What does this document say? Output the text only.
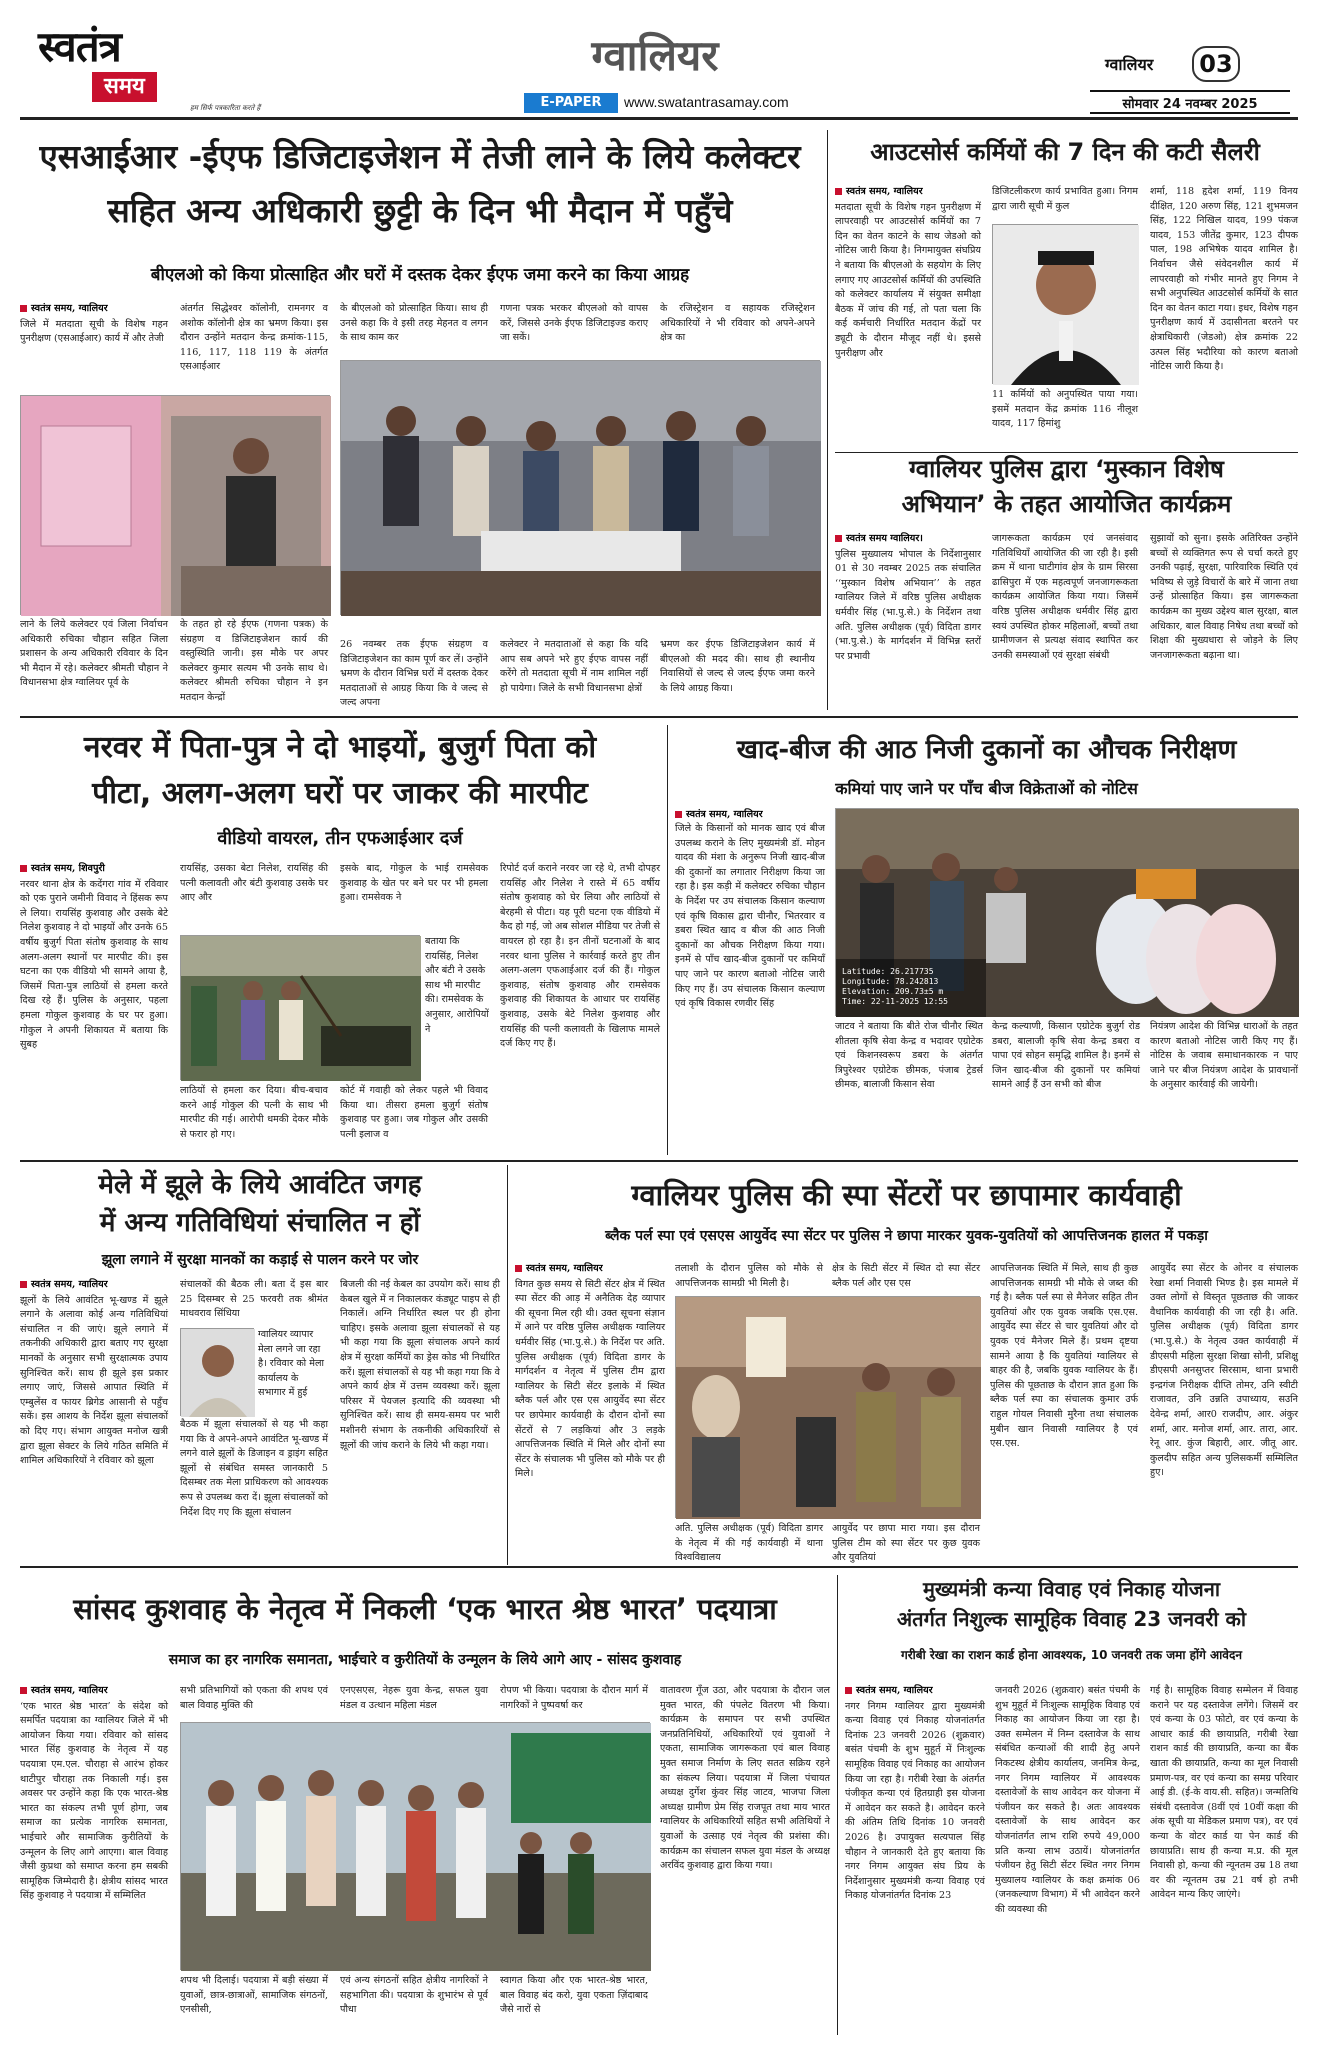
स्वतंत्र
समय
हम सिर्फ पत्रकारिता करते हैं
ग्वालियर
E-PAPER	www.swatantrasamay.com
ग्वालियर	03
सोमवार 24 नवम्बर 2025
एसआईआर -ईएफ डिजिटाइजेशन में तेजी लाने के लिये कलेक्टर
सहित अन्य अधिकारी छुट्टी के दिन भी मैदान में पहुँचे
बीएलओ को किया प्रोत्साहित और घरों में दस्तक देकर ईएफ जमा करने का किया आग्रह
स्वतंत्र समय, ग्वालियर
जिले में मतदाता सूची के विशेष गहन पुनरीक्षण (एसआईआर) कार्य में और तेजी
अंतर्गत सिद्धेश्वर कॉलोनी, रामनगर व अशोक कॉलोनी क्षेत्र का भ्रमण किया। इस दौरान उन्होंने मतदान केन्द्र क्रमांक-115, 116, 117, 118 119 के अंतर्गत एसआईआर
के बीएलओ को प्रोत्साहित किया। साथ ही उनसे कहा कि वे इसी तरह मेहनत व लगन के साथ काम कर
गणना पत्रक भरकर बीएलओ को वापस करें, जिससे उनके ईएफ डिजिटाइज्ड कराए जा सकें।
के रजिस्ट्रेशन व सहायक रजिस्ट्रेशन अधिकारियों ने भी रविवार को अपने-अपने क्षेत्र का
लाने के लिये कलेक्टर एवं जिला निर्वाचन अधिकारी रुचिका चौहान सहित जिला प्रशासन के अन्य अधिकारी रविवार के दिन भी मैदान में रहे। कलेक्टर श्रीमती चौहान ने विधानसभा क्षेत्र ग्वालियर पूर्व के
के तहत हो रहे ईएफ (गणना पत्रक) के संग्रहण व डिजिटाइजेशन कार्य की वस्तुस्थिति जानी। इस मौके पर अपर कलेक्टर कुमार सत्यम भी उनके साथ थे। कलेक्टर श्रीमती रुचिका चौहान ने इन मतदान केन्द्रों
26 नवम्बर तक ईएफ संग्रहण व डिजिटाइजेशन का काम पूर्ण कर लें। उन्होंने भ्रमण के दौरान विभिन्न घरों में दस्तक देकर मतदाताओं से आग्रह किया कि वे जल्द से जल्द अपना
कलेक्टर ने मतदाताओं से कहा कि यदि आप सब अपने भरे हुए ईएफ वापस नहीं करेंगे तो मतदाता सूची में नाम शामिल नहीं हो पायेगा। जिले के सभी विधानसभा क्षेत्रों
भ्रमण कर ईएफ डिजिटाइजेशन कार्य में बीएलओ की मदद की। साथ ही स्थानीय निवासियों से जल्द से जल्द ईएफ जमा करने के लिये आग्रह किया।
आउटसोर्स कर्मियों की 7 दिन की कटी सैलरी
स्वतंत्र समय, ग्वालियर
मतदाता सूची के विशेष गहन पुनरीक्षण में लापरवाही पर आउटसोर्स कर्मियों का 7 दिन का वेतन काटने के साथ जेडओ को नोटिस जारी किया है। निगमायुक्त संघप्रिय ने बताया कि बीएलओ के सहयोग के लिए लगाए गए आउटसोर्स कर्मियों की उपस्थिति को कलेक्टर कार्यालय में संयुक्त समीक्षा बैठक में जांच की गई, तो पता चला कि कई कर्मचारी निर्धारित मतदान केंद्रों पर ड्यूटी के दौरान मौजूद नहीं थे। इससे पुनरीक्षण और
डिजिटलीकरण कार्य प्रभावित हुआ। निगम द्वारा जारी सूची में कुल
11 कर्मियों को अनुपस्थित पाया गया। इसमें मतदान केंद्र क्रमांक 116 नीलूश यादव, 117 हिमांशु
शर्मा, 118 हृदेश शर्मा, 119 विनय दीक्षित, 120 अरुण सिंह, 121 शुभमजन सिंह, 122 निखिल यादव, 199 पंकज यादव, 153 जीतेंद्र कुमार, 123 दीपक पाल, 198 अभिषेक यादव शामिल है। निर्वाचन जैसे संवेदनशील कार्य में लापरवाही को गंभीर मानते हुए निगम ने सभी अनुपस्थित आउटसोर्स कर्मियों के सात दिन का वेतन काटा गया। इधर, विशेष गहन पुनरीक्षण कार्य में उदासीनता बरतने पर क्षेत्राधिकारी (जेडओ) क्षेत्र क्रमांक 22 उत्पल सिंह भदौरिया को कारण बताओ नोटिस जारी किया है।
ग्वालियर पुलिस द्वारा ‘मुस्कान विशेष
अभियान’ के तहत आयोजित कार्यक्रम
स्वतंत्र समय ग्वालियर।
पुलिस मुख्यालय भोपाल के निर्देशानुसार 01 से 30 नवम्बर 2025 तक संचालित ‘‘मुस्कान विशेष अभियान’’ के तहत ग्वालियर जिले में वरिष्ठ पुलिस अधीक्षक धर्मवीर सिंह (भा.पु.से.) के निर्देशन तथा अति. पुलिस अधीक्षक (पूर्व) विदिता डागर (भा.पु.से.) के मार्गदर्शन में विभिन्न स्तरों पर प्रभावी
जागरूकता कार्यक्रम एवं जनसंवाद गतिविधियाँ आयोजित की जा रही है। इसी क्रम में थाना घाटीगांव क्षेत्र के ग्राम सिरसा ढासिपुरा में एक महत्वपूर्ण जनजागरूकता कार्यक्रम आयोजित किया गया। जिसमें वरिष्ठ पुलिस अधीक्षक धर्मवीर सिंह द्वारा स्वयं उपस्थित होकर महिलाओं, बच्चों तथा ग्रामीणजन से प्रत्यक्ष संवाद स्थापित कर उनकी समस्याओं एवं सुरक्षा संबंधी
सुझावों को सुना। इसके अतिरिक्त उन्होंने बच्चों से व्यक्तिगत रूप से चर्चा करते हुए उनकी पढ़ाई, सुरक्षा, पारिवारिक स्थिति एवं भविष्य से जुड़े विचारों के बारे में जाना तथा उन्हें प्रोत्साहित किया। इस जागरूकता कार्यक्रम का मुख्य उद्देश्य बाल सुरक्षा, बाल अधिकार, बाल विवाह निषेध तथा बच्चों को शिक्षा की मुख्यधारा से जोड़ने के लिए जनजागरूकता बढ़ाना था।
नरवर में पिता-पुत्र ने दो भाइयों, बुजुर्ग पिता को
पीटा, अलग-अलग घरों पर जाकर की मारपीट
वीडियो वायरल, तीन एफआईआर दर्ज
स्वतंत्र समय, शिवपुरी
नरवर थाना क्षेत्र के कदेंगरा गांव में रविवार को एक पुराने जमीनी विवाद ने हिंसक रूप ले लिया। रायसिंह कुशवाह और उसके बेटे निलेश कुशवाह ने दो भाइयों और उनके 65 वर्षीय बुजुर्ग पिता संतोष कुशवाह के साथ अलग-अलग स्थानों पर मारपीट की। इस घटना का एक वीडियो भी सामने आया है, जिसमें पिता-पुत्र लाठियों से हमला करते दिख रहे हैं। पुलिस के अनुसार, पहला हमला गोकुल कुशवाह के घर पर हुआ। गोकुल ने अपनी शिकायत में बताया कि सुबह
रायसिंह, उसका बेटा निलेश, रायसिंह की पत्नी कलावती और बंटी कुशवाह उसके घर आए और
इसके बाद, गोकुल के भाई रामसेवक कुशवाह के खेत पर बने घर पर भी हमला हुआ। रामसेवक ने
बताया कि रायसिंह, निलेश और बंटी ने उसके साथ भी मारपीट की। रामसेवक के अनुसार, आरोपियों ने
लाठियों से हमला कर दिया। बीच-बचाव करने आई गोकुल की पत्नी के साथ भी मारपीट की गई। आरोपी धमकी देकर मौके से फरार हो गए।
कोर्ट में गवाही को लेकर पहले भी विवाद किया था। तीसरा हमला बुजुर्ग संतोष कुशवाह पर हुआ। जब गोकुल और उसकी पत्नी इलाज व
रिपोर्ट दर्ज कराने नरवर जा रहे थे, तभी दोपहर रायसिंह और निलेश ने रास्ते में 65 वर्षीय संतोष कुशवाह को घेर लिया और लाठियों से बेरहमी से पीटा। यह पूरी घटना एक वीडियो में कैद हो गई, जो अब सोशल मीडिया पर तेजी से वायरल हो रहा है। इन तीनों घटनाओं के बाद नरवर थाना पुलिस ने कार्रवाई करते हुए तीन अलग-अलग एफआईआर दर्ज की हैं। गोकुल कुशवाह, संतोष कुशवाह और रामसेवक कुशवाह की शिकायत के आधार पर रायसिंह कुशवाह, उसके बेटे निलेश कुशवाह और रायसिंह की पत्नी कलावती के खिलाफ मामले दर्ज किए गए हैं।
खाद-बीज की आठ निजी दुकानों का औचक निरीक्षण
कमियां पाए जाने पर पाँच बीज विक्रेताओं को नोटिस
स्वतंत्र समय, ग्वालियर
जिले के किसानों को मानक खाद एवं बीज उपलब्ध कराने के लिए मुख्यमंत्री डॉ. मोहन यादव की मंशा के अनुरूप निजी खाद-बीज की दुकानों का लगातार निरीक्षण किया जा रहा है। इस कड़ी में कलेक्टर रुचिका चौहान के निर्देश पर उप संचालक किसान कल्याण एवं कृषि विकास द्वारा चीनौर, भितरवार व डबरा स्थित खाद व बीज की आठ निजी दुकानों का औचक निरीक्षण किया गया। इनमें से पाँच खाद-बीज दुकानों पर कमियाँ पाए जाने पर कारण बताओ नोटिस जारी किए गए हैं। उप संचालक किसान कल्याण एवं कृषि विकास रणवीर सिंह
Latitude: 26.217735
Longitude: 78.242813
Elevation: 209.73±5 m
Time: 22-11-2025 12:55
जाटव ने बताया कि बीते रोज चीनौर स्थित शीतला कृषि सेवा केन्द्र व भदावर एग्रोटेक एवं किशनस्वरूप डबरा के अंतर्गत त्रिपुरेश्वर एग्रोटेक छीमक, पंजाब ट्रेडर्स छीमक, बालाजी किसान सेवा
केन्द्र कल्याणी, किसान एग्रोटेक बुजुर्ग रोड डबरा, बालाजी कृषि सेवा केन्द्र डबरा व पापा एवं सोहन समृद्धि शामिल है। इनमें से जिन खाद-बीज की दुकानों पर कमियां सामने आईं हैं उन सभी को बीज
नियंत्रण आदेश की विभिन्न धाराओं के तहत कारण बताओ नोटिस जारी किए गए हैं। नोटिस के जवाब समाधानकारक न पाए जाने पर बीज नियंत्रण आदेश के प्रावधानों के अनुसार कार्रवाई की जायेगी।
मेले में झूले के लिये आवंटित जगह
में अन्य गतिविधियां संचालित न हों
झूला लगाने में सुरक्षा मानकों का कड़ाई से पालन करने पर जोर
स्वतंत्र समय, ग्वालियर
झूलों के लिये आवंटित भू-खण्ड में झूले लगाने के अलावा कोई अन्य गतिविधियां संचालित न की जाएं। झूले लगाने में तकनीकी अधिकारी द्वारा बताए गए सुरक्षा मानकों के अनुसार सभी सुरक्षात्मक उपाय सुनिश्चित करें। साथ ही झूले इस प्रकार लगाए जाएं, जिससे आपात स्थिति में एम्बुलेंस व फायर ब्रिगेड आसानी से पहुँच सकें। इस आशय के निर्देश झूला संचालकों को दिए गए। संभाग आयुक्त मनोज खत्री द्वारा झूला सेक्टर के लिये गठित समिति में शामिल अधिकारियों ने रविवार को झूला
संचालकों की बैठक ली। बता दें इस बार 25 दिसम्बर से 25 फरवरी तक श्रीमंत माधवराव सिंधिया
ग्वालियर व्यापार मेला लगने जा रहा है। रविवार को मेला कार्यालय के सभागार में हुई
बैठक में झूला संचालकों से यह भी कहा गया कि वे अपने-अपने आवंटित भू-खण्ड में लगने वाले झूलों के डिजाइन व ड्राइंग सहित झूलों से संबंधित समस्त जानकारी 5 दिसम्बर तक मेला प्राधिकरण को आवश्यक रूप से उपलब्ध करा दें। झूला संचालकों को निर्देश दिए गए कि झूला संचालन
बिजली की नई केबल का उपयोग करें। साथ ही केबल खुले में न निकालकर कंड्यूट पाइप से ही निकालें। अग्नि निर्धारित स्थल पर ही होना चाहिए। इसके अलावा झूला संचालकों से यह भी कहा गया कि झूला संचालक अपने कार्य क्षेत्र में सुरक्षा कर्मियों का ड्रेस कोड भी निर्धारित करें। झूला संचालकों से यह भी कहा गया कि वे अपने कार्य क्षेत्र में उत्तम व्यवस्था करें। झूला परिसर में पेयजल इत्यादि की व्यवस्था भी सुनिश्चित करें। साथ ही समय-समय पर भारी मशीनरी संभाग के तकनीकी अधिकारियों से झूलों की जांच कराने के लिये भी कहा गया।
ग्वालियर पुलिस की स्पा सेंटरों पर छापामार कार्यवाही
ब्लैक पर्ल स्पा एवं एसएस आयुर्वेद स्पा सेंटर पर पुलिस ने छापा मारकर युवक-युवतियों को आपत्तिजनक हालत में पकड़ा
स्वतंत्र समय, ग्वालियर
विगत कुछ समय से सिटी सेंटर क्षेत्र में स्थित स्पा सेंटर की आड़ में अनैतिक देह व्यापार की सूचना मिल रही थी। उक्त सूचना संज्ञान में आने पर वरिष्ठ पुलिस अधीक्षक ग्वालियर धर्मवीर सिंह (भा.पु.से.) के निर्देश पर अति. पुलिस अधीक्षक (पूर्व) विदिता डागर के मार्गदर्शन व नेतृत्व में पुलिस टीम द्वारा ग्वालियर के सिटी सेंटर इलाके में स्थित ब्लैक पर्ल और एस एस आयुर्वेद स्पा सेंटर पर छापेमार कार्यवाही के दौरान दोनों स्पा सेंटरों से 7 लड़कियां और 3 लड़के आपत्तिजनक स्थिति में मिले और दोनों स्पा सेंटर के संचालक भी पुलिस को मौके पर ही मिले।
तलाशी के दौरान पुलिस को मौके से आपत्तिजनक सामग्री भी मिली है।
क्षेत्र के सिटी सेंटर में स्थित दो स्पा सेंटर ब्लैक पर्ल और एस एस
अति. पुलिस अधीक्षक (पूर्व) विदिता डागर के नेतृत्व में की गई कार्यवाही में थाना विश्वविद्यालय
आयुर्वेद पर छापा मारा गया। इस दौरान पुलिस टीम को स्पा सेंटर पर कुछ युवक और युवतियां
आपत्तिजनक स्थिति में मिले, साथ ही कुछ आपत्तिजनक सामग्री भी मौके से जब्त की गई है। ब्लैक पर्ल स्पा से मैनेजर सहित तीन युवतियां और एक युवक जबकि एस.एस. आयुर्वेद स्पा सेंटर से चार युवतियां और दो युवक एवं मैनेजर मिले हैं। प्रथम दृष्टया सामने आया है कि युवतियां ग्वालियर से बाहर की है, जबकि युवक ग्वालियर के हैं। पुलिस की पूछताछ के दौरान ज्ञात हुआ कि ब्लैक पर्ल स्पा का संचालक कुमार उर्फ राहुल गोयल निवासी मुरैना तथा संचालक मुबीन खान निवासी ग्वालियर है एवं एस.एस.
आयुर्वेद स्पा सेंटर के ओनर व संचालक रेखा शर्मा निवासी भिण्ड है। इस मामले में उक्त लोगों से विस्तृत पूछताछ की जाकर वैधानिक कार्यवाही की जा रही है। अति. पुलिस अधीक्षक (पूर्व) विदिता डागर (भा.पु.से.) के नेतृत्व उक्त कार्यवाही में डीएसपी महिला सुरक्षा शिखा सोनी, प्रशिक्षु डीएसपी अनसुप्तर सिरसाम, थाना प्रभारी इन्द्रगंज निरीक्षक दीप्ति तोमर, उनि स्वीटी राजावत, उनि उन्नति उपाध्याय, सउनि देवेन्द्र शर्मा, आर0 राजदीप, आर. अंकुर शर्मा, आर. मनोज शर्मा, आर. तारा, आर. रेनू आर. कुंज बिहारी, आर. जीतू आर. कुलदीप सहित अन्य पुलिसकर्मी सम्मिलित हुए।
सांसद कुशवाह के नेतृत्व में निकली ‘एक भारत श्रेष्ठ भारत’ पदयात्रा
समाज का हर नागरिक समानता, भाईचारे व कुरीतियों के उन्मूलन के लिये आगे आए - सांसद कुशवाह
स्वतंत्र समय, ग्वालियर
‘एक भारत श्रेष्ठ भारत’ के संदेश को समर्पित पदयात्रा का ग्वालियर जिले में भी आयोजन किया गया। रविवार को सांसद भारत सिंह कुशवाह के नेतृत्व में यह पदयात्रा एम.एल. चौराहा से आरंभ होकर थाटीपुर चौराहा तक निकाली गई। इस अवसर पर उन्होंने कहा कि एक भारत-श्रेष्ठ भारत का संकल्प तभी पूर्ण होगा, जब समाज का प्रत्येक नागरिक समानता, भाईचारे और सामाजिक कुरीतियों के उन्मूलन के लिए आगे आएगा। बाल विवाह जैसी कुप्रथा को समाप्त करना हम सबकी सामूहिक जिम्मेदारी है। क्षेत्रीय सांसद भारत सिंह कुशवाह ने पदयात्रा में सम्मिलित
सभी प्रतिभागियों को एकता की शपथ एवं बाल विवाह मुक्ति की
एनएसएस, नेहरू युवा केन्द्र, सफल युवा मंडल व उत्थान महिला मंडल
रोपण भी किया। पदयात्रा के दौरान मार्ग में नागरिकों ने पुष्पवर्षा कर
शपथ भी दिलाई। पदयात्रा में बड़ी संख्या में युवाओं, छात्र-छात्राओं, सामाजिक संगठनों, एनसीसी,
एवं अन्य संगठनों सहित क्षेत्रीय नागरिकों ने सहभागिता की। पदयात्रा के शुभारंभ से पूर्व पौधा
स्वागत किया और एक भारत-श्रेष्ठ भारत, बाल विवाह बंद करो, युवा एकता ज़िंदाबाद जैसे नारों से
वातावरण गूँज उठा, और पदयात्रा के दौरान जल मुक्त भारत, की पंपलेट वितरण भी किया। कार्यक्रम के समापन पर सभी उपस्थित जनप्रतिनिधियों, अधिकारियों एवं युवाओं ने एकता, सामाजिक जागरूकता एवं बाल विवाह मुक्त समाज निर्माण के लिए सतत सक्रिय रहने का संकल्प लिया। पदयात्रा में जिला पंचायत अध्यक्ष दुर्गेश कुंवर सिंह जाटव, भाजपा जिला अध्यक्ष ग्रामीण प्रेम सिंह राजपूत तथा माय भारत ग्वालियर के अधिकारियों सहित सभी अतिथियों ने युवाओं के उत्साह एवं नेतृत्व की प्रशंसा की। कार्यक्रम का संचालन सफल युवा मंडल के अध्यक्ष अरविंद कुशवाह द्वारा किया गया।
मुख्यमंत्री कन्या विवाह एवं निकाह योजना
अंतर्गत निशुल्क सामूहिक विवाह 23 जनवरी को
गरीबी रेखा का राशन कार्ड होना आवश्यक, 10 जनवरी तक जमा होंगे आवेदन
स्वतंत्र समय, ग्वालियर
नगर निगम ग्वालियर द्वारा मुख्यमंत्री कन्या विवाह एवं निकाह योजनांतर्गत दिनांक 23 जनवरी 2026 (शुक्रवार) बसंत पंचमी के शुभ मुहूर्त में निःशुल्क सामूहिक विवाह एवं निकाह का आयोजन किया जा रहा है। गरीबी रेखा के अंतर्गत पंजीकृत कन्या एवं हितग्राही इस योजना में आवेदन कर सकते है। आवेदन करने की अंतिम तिथि दिनांक 10 जनवरी 2026 है। उपायुक्त सत्यपाल सिंह चौहान ने जानकारी देते हुए बताया कि नगर निगम आयुक्त संघ प्रिय के निर्देशानुसार मुख्यमंत्री कन्या विवाह एवं निकाह योजनांतर्गत दिनांक 23
जनवरी 2026 (शुक्रवार) बसंत पंचमी के शुभ मुहूर्त में निःशुल्क सामूहिक विवाह एवं निकाह का आयोजन किया जा रहा है। उक्त सम्मेलन में निम्न दस्तावेज के साथ संबंधित कन्याओं की शादी हेतु अपने निकटस्थ क्षेत्रीय कार्यालय, जनमित्र केन्द्र, नगर निगम ग्वालियर में आवश्यक दस्तावेजों के साथ आवेदन कर योजना में पंजीयन कर सकते है। अतः आवश्यक दस्तावेजों के साथ आवेदन कर योजनांतर्गत लाभ राशि रुपये 49,000 प्रति कन्या लाभ उठायें। योजनांतर्गत पंजीयन हेतु सिटी सेंटर स्थित नगर निगम मुख्यालय ग्वालियर के कक्ष क्रमांक 06 (जनकल्याण विभाग) में भी आवेदन करने की व्यवस्था की
गई है। सामूहिक विवाह सम्मेलन में विवाह कराने पर यह दस्तावेज लगेंगे। जिसमें वर एवं कन्या के 03 फोटो, वर एवं कन्या के आधार कार्ड की छायाप्रति, गरीबी रेखा राशन कार्ड की छायाप्रति, कन्या का बैंक खाता की छायाप्रति, कन्या का मूल निवासी प्रमाण-पत्र, वर एवं कन्या का समग्र परिवार आई डी. (ई-के वाय.सी. सहित)। जन्मतिथि संबंधी दस्तावेज (8वीं एवं 10वीं कक्षा की अंक सूची या मेडिकल प्रमाण पत्र), वर एवं कन्या के वोटर कार्ड या पेन कार्ड की छायाप्रति। साथ ही कन्या म.प्र. की मूल निवासी हो, कन्या की न्यूनतम उम्र 18 तथा वर की न्यूनतम उम्र 21 वर्ष हो तभी आवेदन मान्य किए जाएंगे।
